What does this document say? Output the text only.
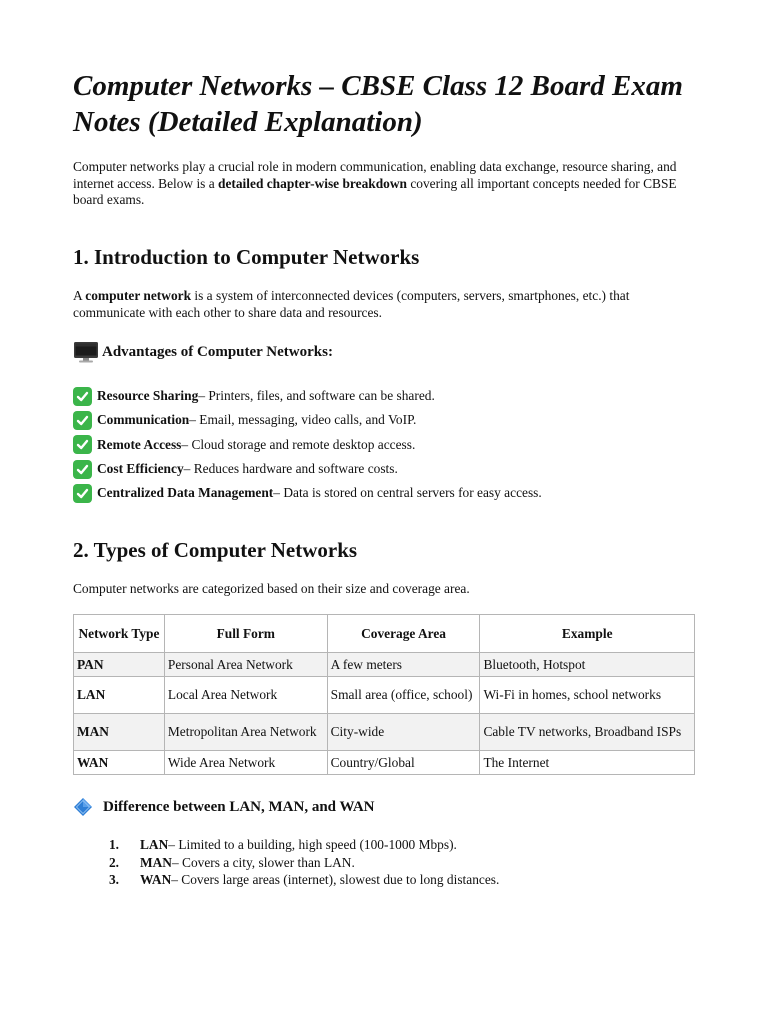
Computer Networks – CBSE Class 12 Board Exam Notes (Detailed Explanation)

Computer networks play a crucial role in modern communication, enabling data exchange, resource sharing, and internet access. Below is a detailed chapter-wise breakdown covering all important concepts needed for CBSE board exams.

1. Introduction to Computer Networks

A computer network is a system of interconnected devices (computers, servers, smartphones, etc.) that communicate with each other to share data and resources.

Advantages of Computer Networks:
Resource Sharing – Printers, files, and software can be shared.
Communication – Email, messaging, video calls, and VoIP.
Remote Access – Cloud storage and remote desktop access.
Cost Efficiency – Reduces hardware and software costs.
Centralized Data Management – Data is stored on central servers for easy access.
2. Types of Computer Networks

Computer networks are categorized based on their size and coverage area.

Network Type	Full Form	Coverage Area	Example
PAN	Personal Area Network	A few meters	Bluetooth, Hotspot
LAN	Local Area Network	Small area (office, school)	Wi-Fi in homes, school networks
MAN	Metropolitan Area Network	City-wide	Cable TV networks, Broadband ISPs
WAN	Wide Area Network	Country/Global	The Internet
Difference between LAN, MAN, and WAN
1. LAN – Limited to a building, high speed (100-1000 Mbps).
2. MAN – Covers a city, slower than LAN.
3. WAN – Covers large areas (internet), slowest due to long distances.
